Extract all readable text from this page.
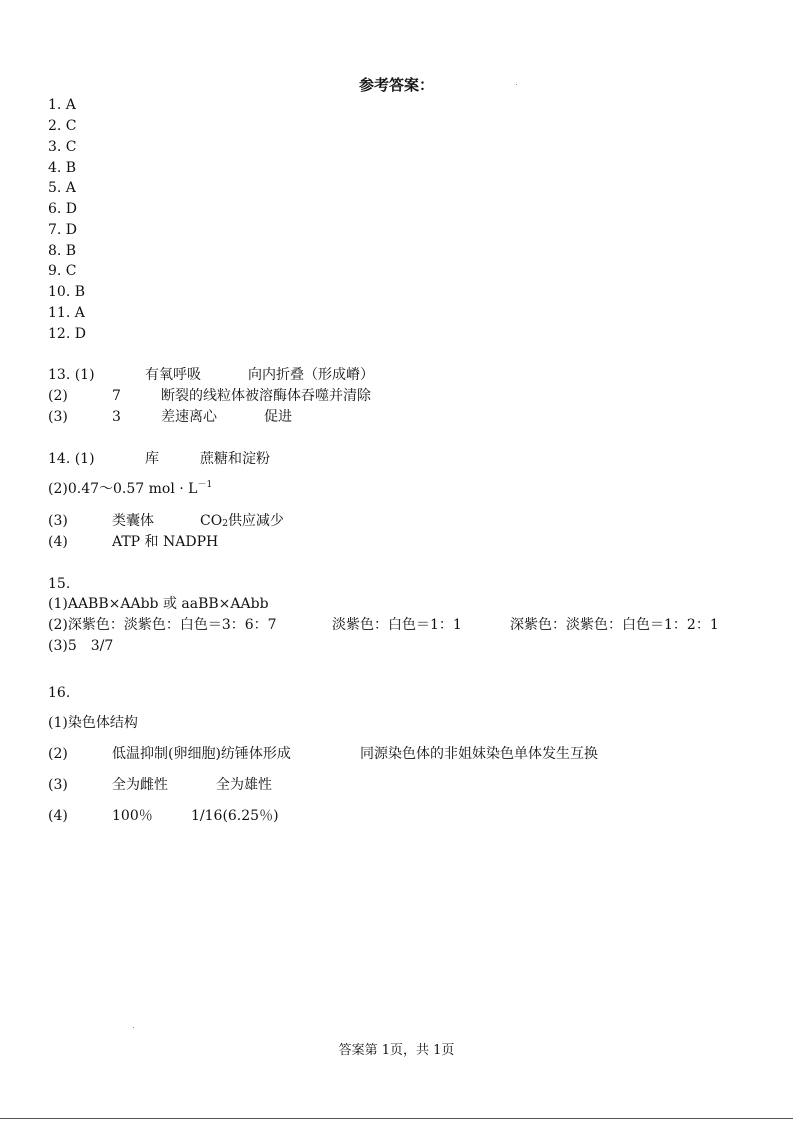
参考答案：
1. A
2. C
3. C
4. B
5. A
6. D
7. D
8. B
9. C
10. B
11. A
12. D
13. (1)	有氧呼吸	向内折叠（形成嵴）
(2)	7	断裂的线粒体被溶酶体吞噬并清除
(3)	3	差速离心	促进
14. (1)	库	蔗糖和淀粉
(2)0.47～0.57 mol · $L^{-1}$
(3)	类囊体	CO2供应减少
(4)	ATP 和 NADPH
15.
(1)AABB×AAbb 或 aaBB×AAbb
(2)深紫色：淡紫色：白色＝3：6：7	淡紫色：白色＝1：1	深紫色：淡紫色：白色＝1：2：1
(3)5　3/7
16.
(1)染色体结构
(2)	低温抑制(卵细胞)纺锤体形成	同源染色体的非姐妹染色单体发生互换
(3)	全为雌性	全为雄性
(4)	100％	1/16(6.25％)
答案第 1页，共 1页
